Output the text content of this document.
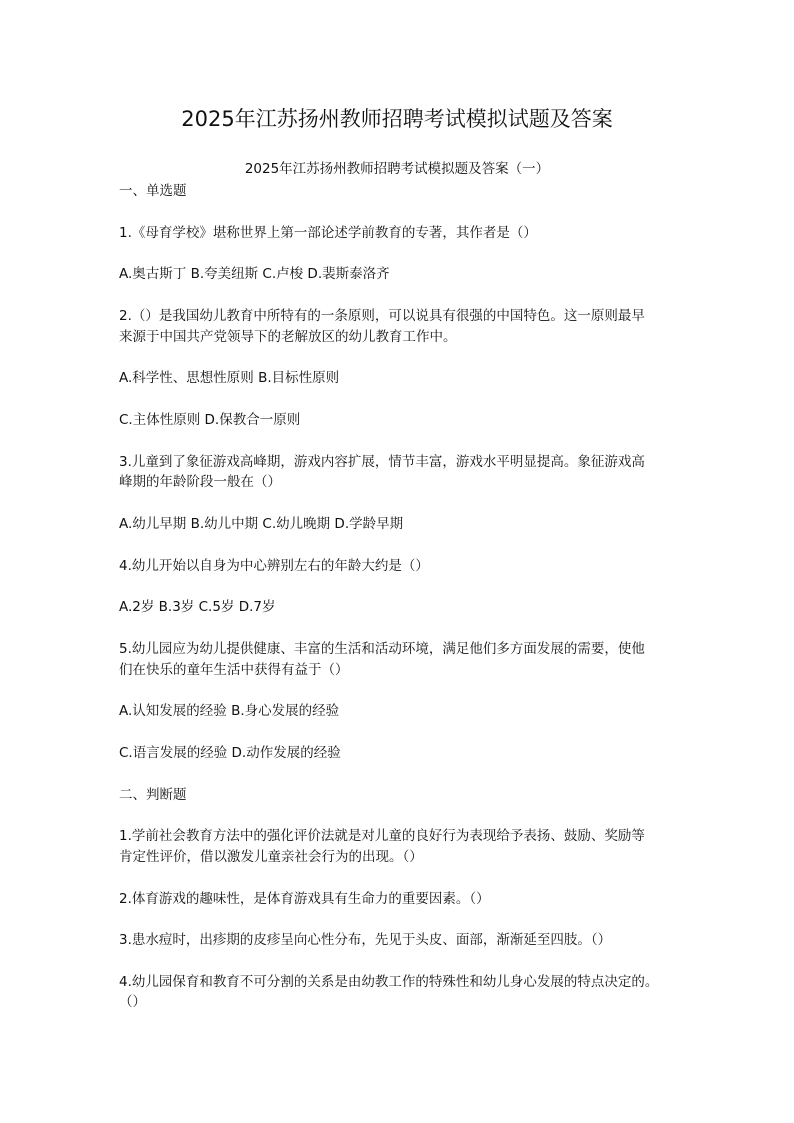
2025年江苏扬州教师招聘考试模拟试题及答案
2025年江苏扬州教师招聘考试模拟题及答案（一）
一、单选题
1.《母育学校》堪称世界上第一部论述学前教育的专著，其作者是（）
A.奥古斯丁 B.夸美纽斯 C.卢梭 D.裴斯泰洛齐
2.（）是我国幼儿教育中所特有的一条原则，可以说具有很强的中国特色。这一原则最早
来源于中国共产党领导下的老解放区的幼儿教育工作中。
A.科学性、思想性原则 B.目标性原则
C.主体性原则 D.保教合一原则
3.儿童到了象征游戏高峰期，游戏内容扩展，情节丰富，游戏水平明显提高。象征游戏高
峰期的年龄阶段一般在（）
A.幼儿早期 B.幼儿中期 C.幼儿晚期 D.学龄早期
4.幼儿开始以自身为中心辨别左右的年龄大约是（）
A.2岁 B.3岁 C.5岁 D.7岁
5.幼儿园应为幼儿提供健康、丰富的生活和活动环境，满足他们多方面发展的需要，使他
们在快乐的童年生活中获得有益于（）
A.认知发展的经验 B.身心发展的经验
C.语言发展的经验 D.动作发展的经验
二、判断题
1.学前社会教育方法中的强化评价法就是对儿童的良好行为表现给予表扬、鼓励、奖励等
肯定性评价，借以激发儿童亲社会行为的出现。（）
2.体育游戏的趣味性，是体育游戏具有生命力的重要因素。（）
3.患水痘时，出疹期的皮疹呈向心性分布，先见于头皮、面部，渐渐延至四肢。（）
4.幼儿园保育和教育不可分割的关系是由幼教工作的特殊性和幼儿身心发展的特点决定的。
（）
